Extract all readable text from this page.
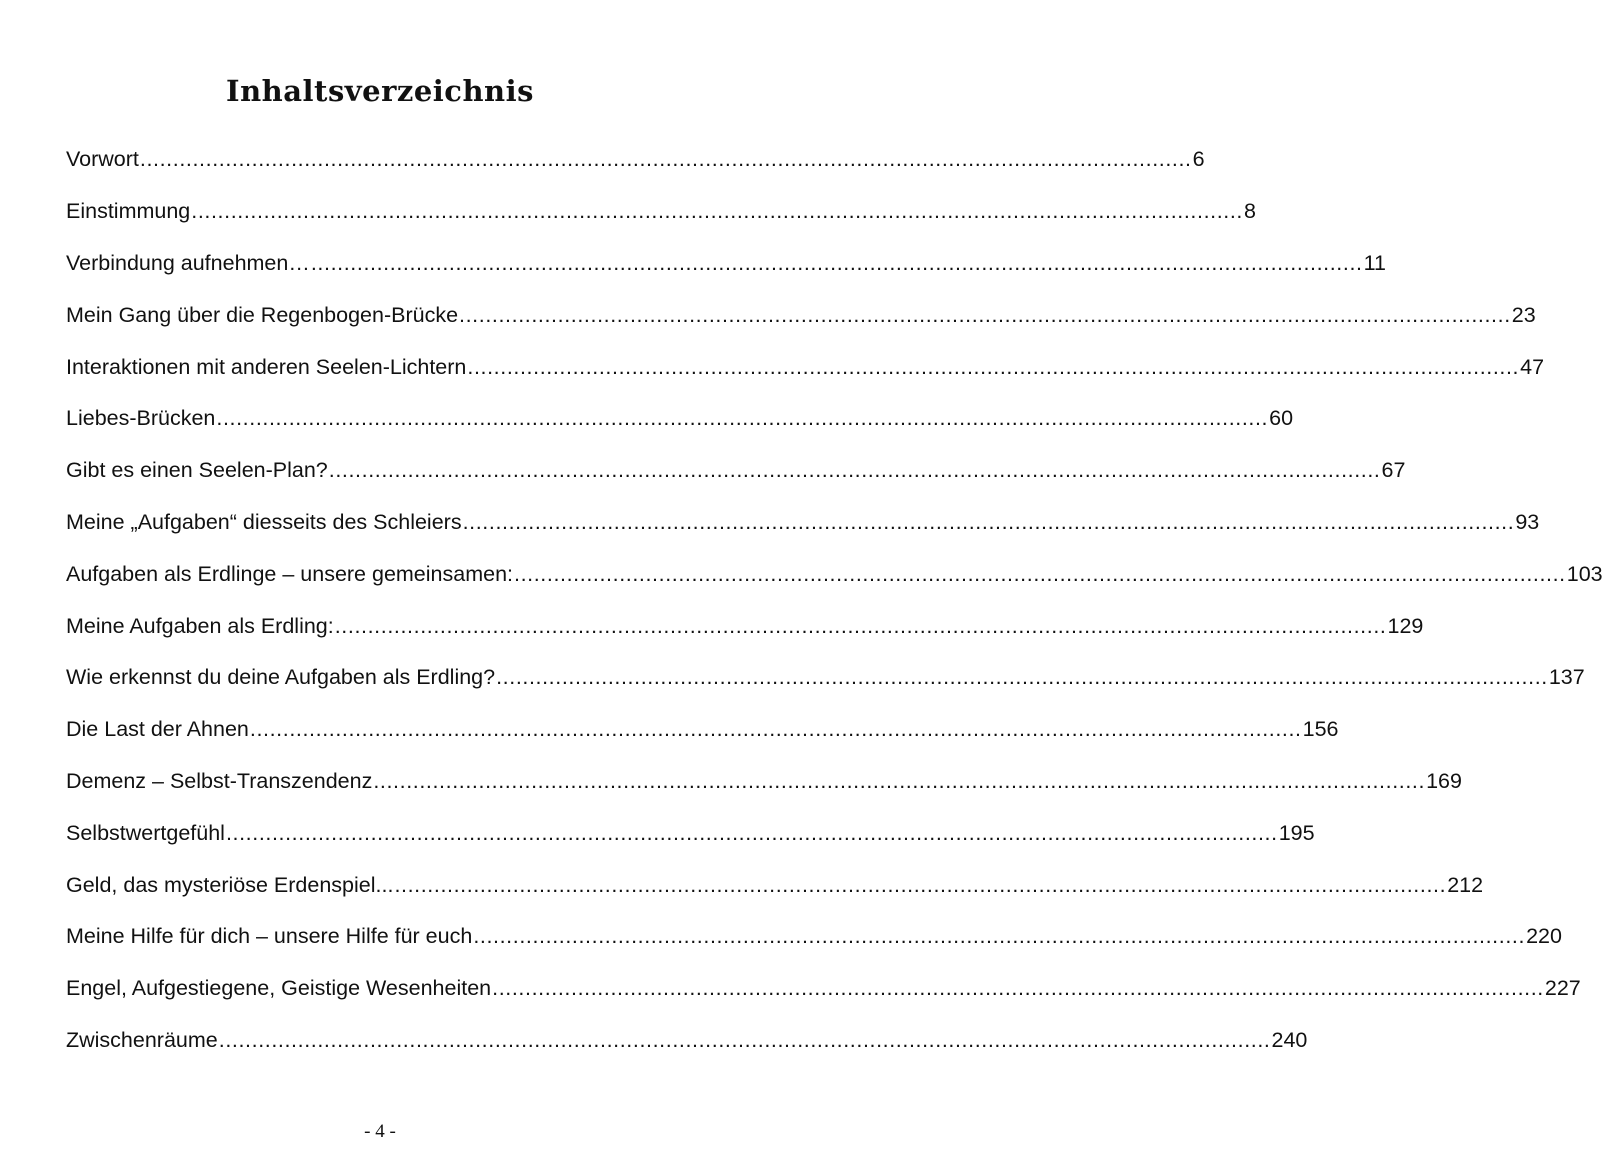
Inhaltsverzeichnis
Vorwort ................................................................................................................................................................ 6
Einstimmung ................................................................................................................................................................ 8
Verbindung aufnehmen… ................................................................................................................................................................ 11
Mein Gang über die Regenbogen-Brücke ................................................................................................................................................................ 23
Interaktionen mit anderen Seelen-Lichtern ................................................................................................................................................................ 47
Liebes-Brücken ................................................................................................................................................................ 60
Gibt es einen Seelen-Plan? ................................................................................................................................................................ 67
Meine „Aufgaben“ diesseits des Schleiers ................................................................................................................................................................ 93
Aufgaben als Erdlinge – unsere gemeinsamen: ................................................................................................................................................................ 103
Meine Aufgaben als Erdling: ................................................................................................................................................................ 129
Wie erkennst du deine Aufgaben als Erdling? ................................................................................................................................................................ 137
Die Last der Ahnen ................................................................................................................................................................ 156
Demenz – Selbst-Transzendenz ................................................................................................................................................................ 169
Selbstwertgefühl ................................................................................................................................................................ 195
Geld, das mysteriöse Erdenspiel... ................................................................................................................................................................ 212
Meine Hilfe für dich – unsere Hilfe für euch ................................................................................................................................................................ 220
Engel, Aufgestiegene, Geistige Wesenheiten ................................................................................................................................................................ 227
Zwischenräume ................................................................................................................................................................ 240
- 4 -
